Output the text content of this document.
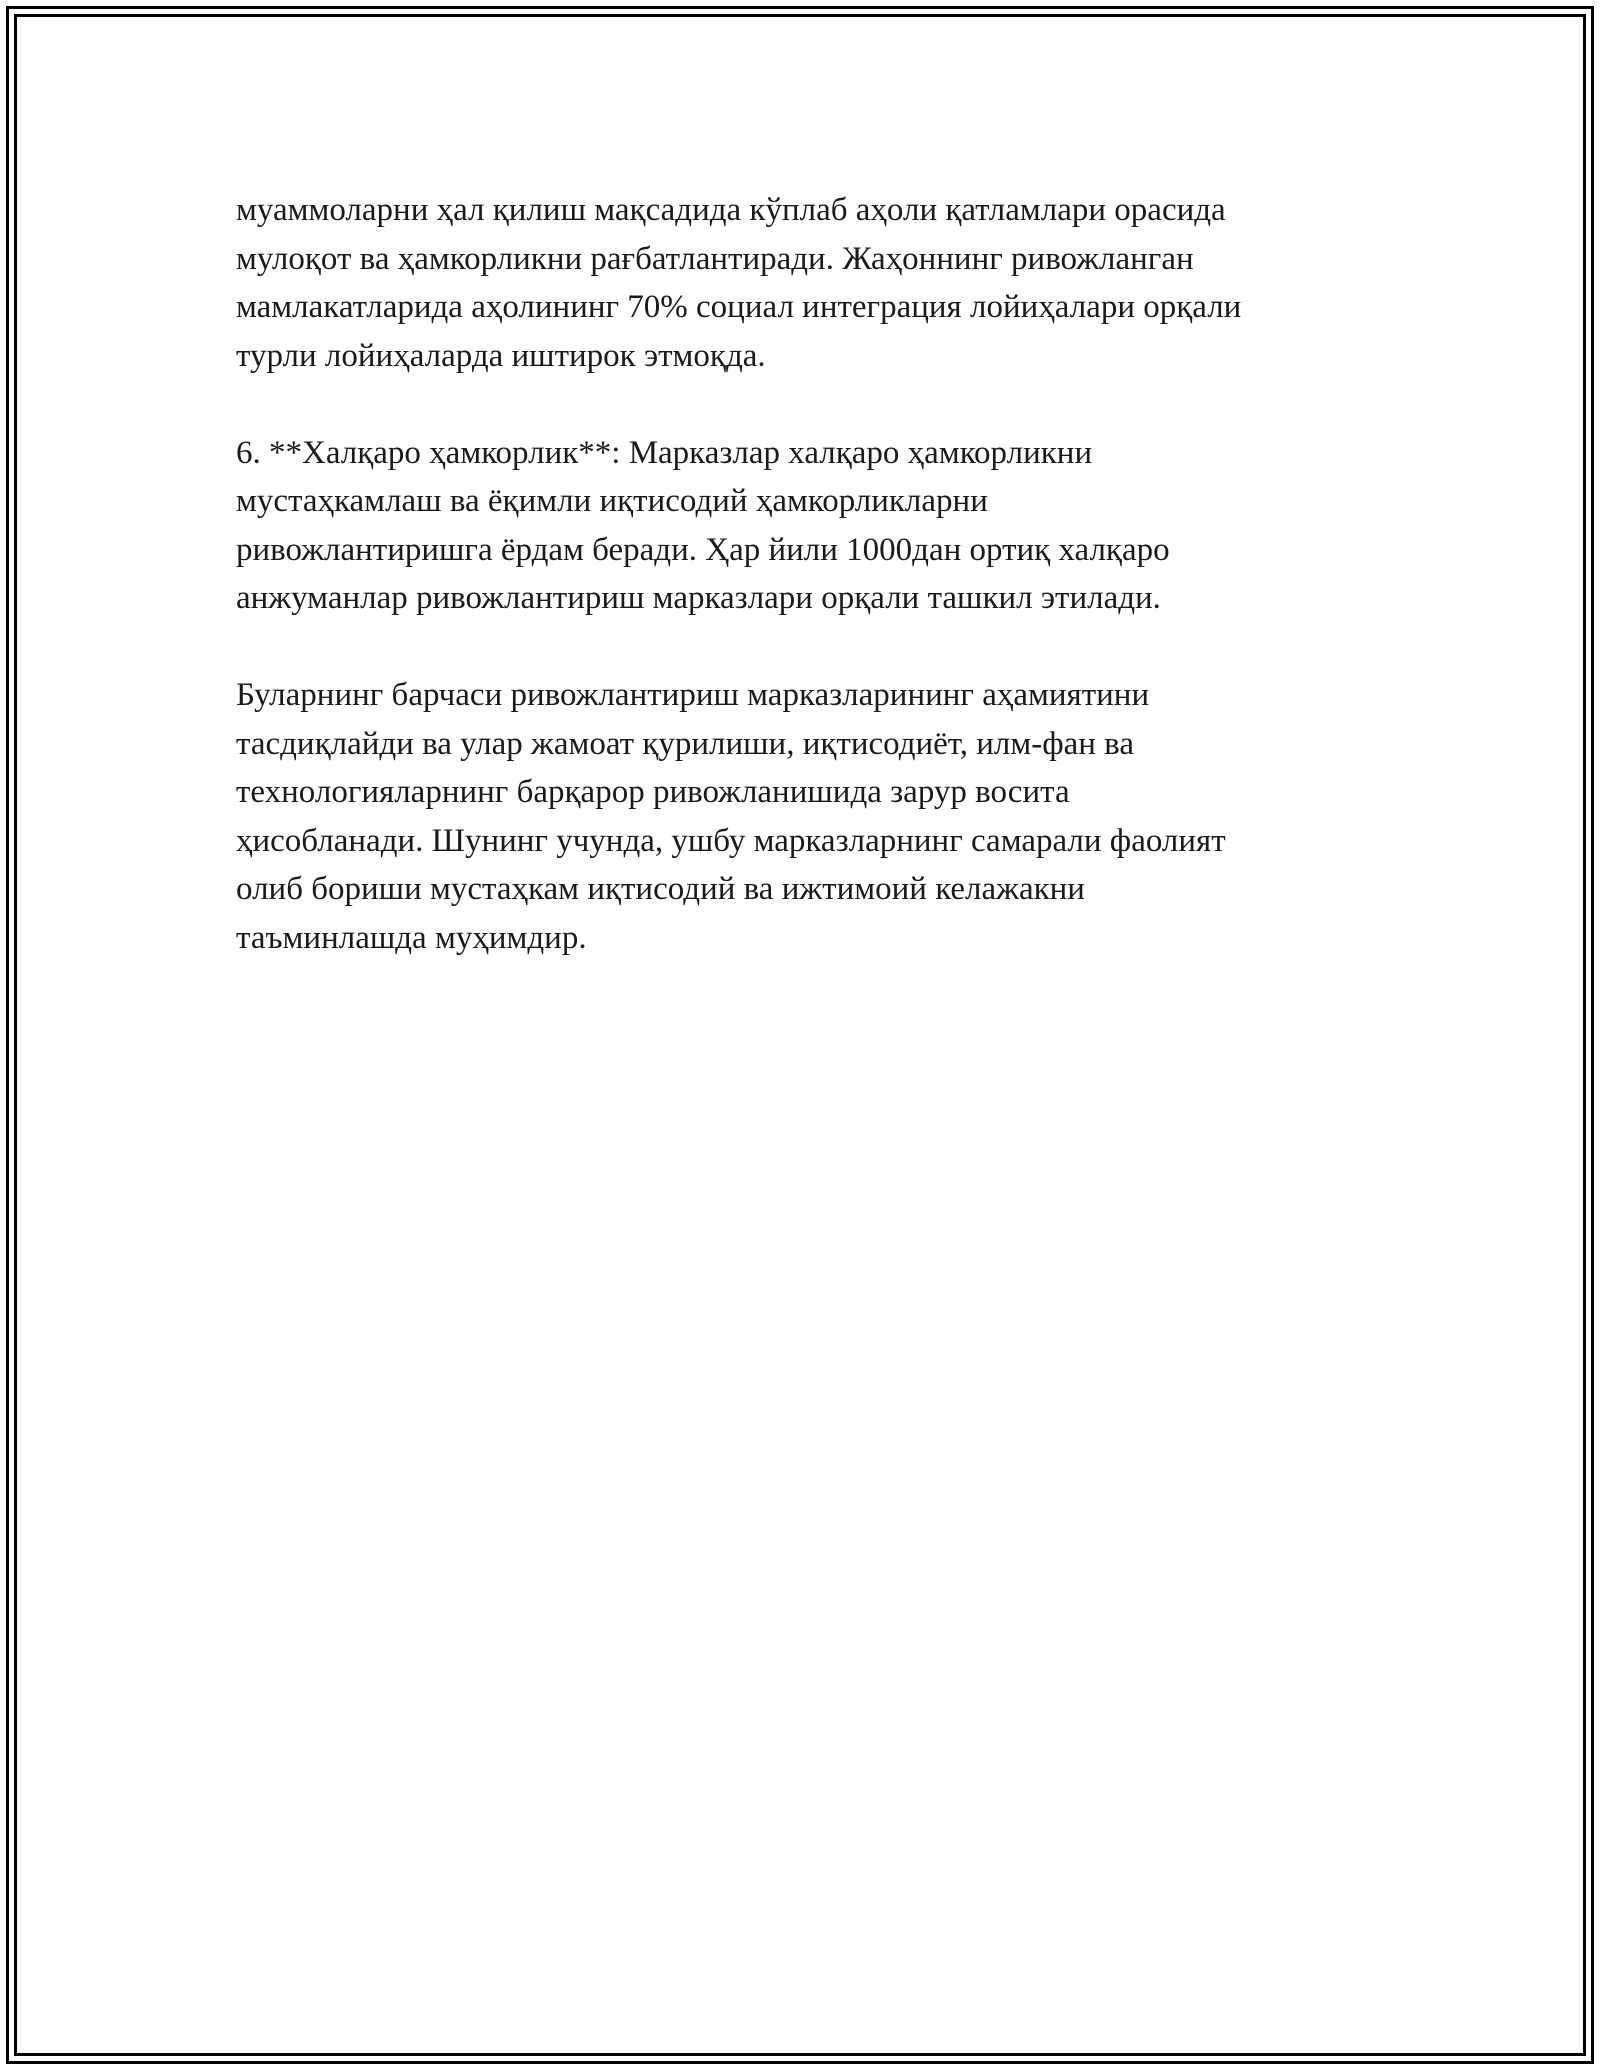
муаммоларни ҳал қилиш мақсадида кўплаб аҳоли қатламлари орасида
мулоқот ва ҳамкорликни рағбатлантиради. Жаҳоннинг ривожланган
мамлакатларида аҳолининг 70% социал интеграция лойиҳалари орқали
турли лойиҳаларда иштирок этмоқда.

6. **Халқаро ҳамкорлик**: Марказлар халқаро ҳамкорликни
мустаҳкамлаш ва ёқимли иқтисодий ҳамкорликларни
ривожлантиришга ёрдам беради. Ҳар йили 1000дан ортиқ халқаро
анжуманлар ривожлантириш марказлари орқали ташкил этилади.

Буларнинг барчаси ривожлантириш марказларининг аҳамиятини
тасдиқлайди ва улар жамоат қурилиши, иқтисодиёт, илм-фан ва
технологияларнинг барқарор ривожланишида зарур восита
ҳисобланади. Шунинг учунда, ушбу марказларнинг самарали фаолият
олиб бориши мустаҳкам иқтисодий ва ижтимоий келажакни
таъминлашда муҳимдир.
